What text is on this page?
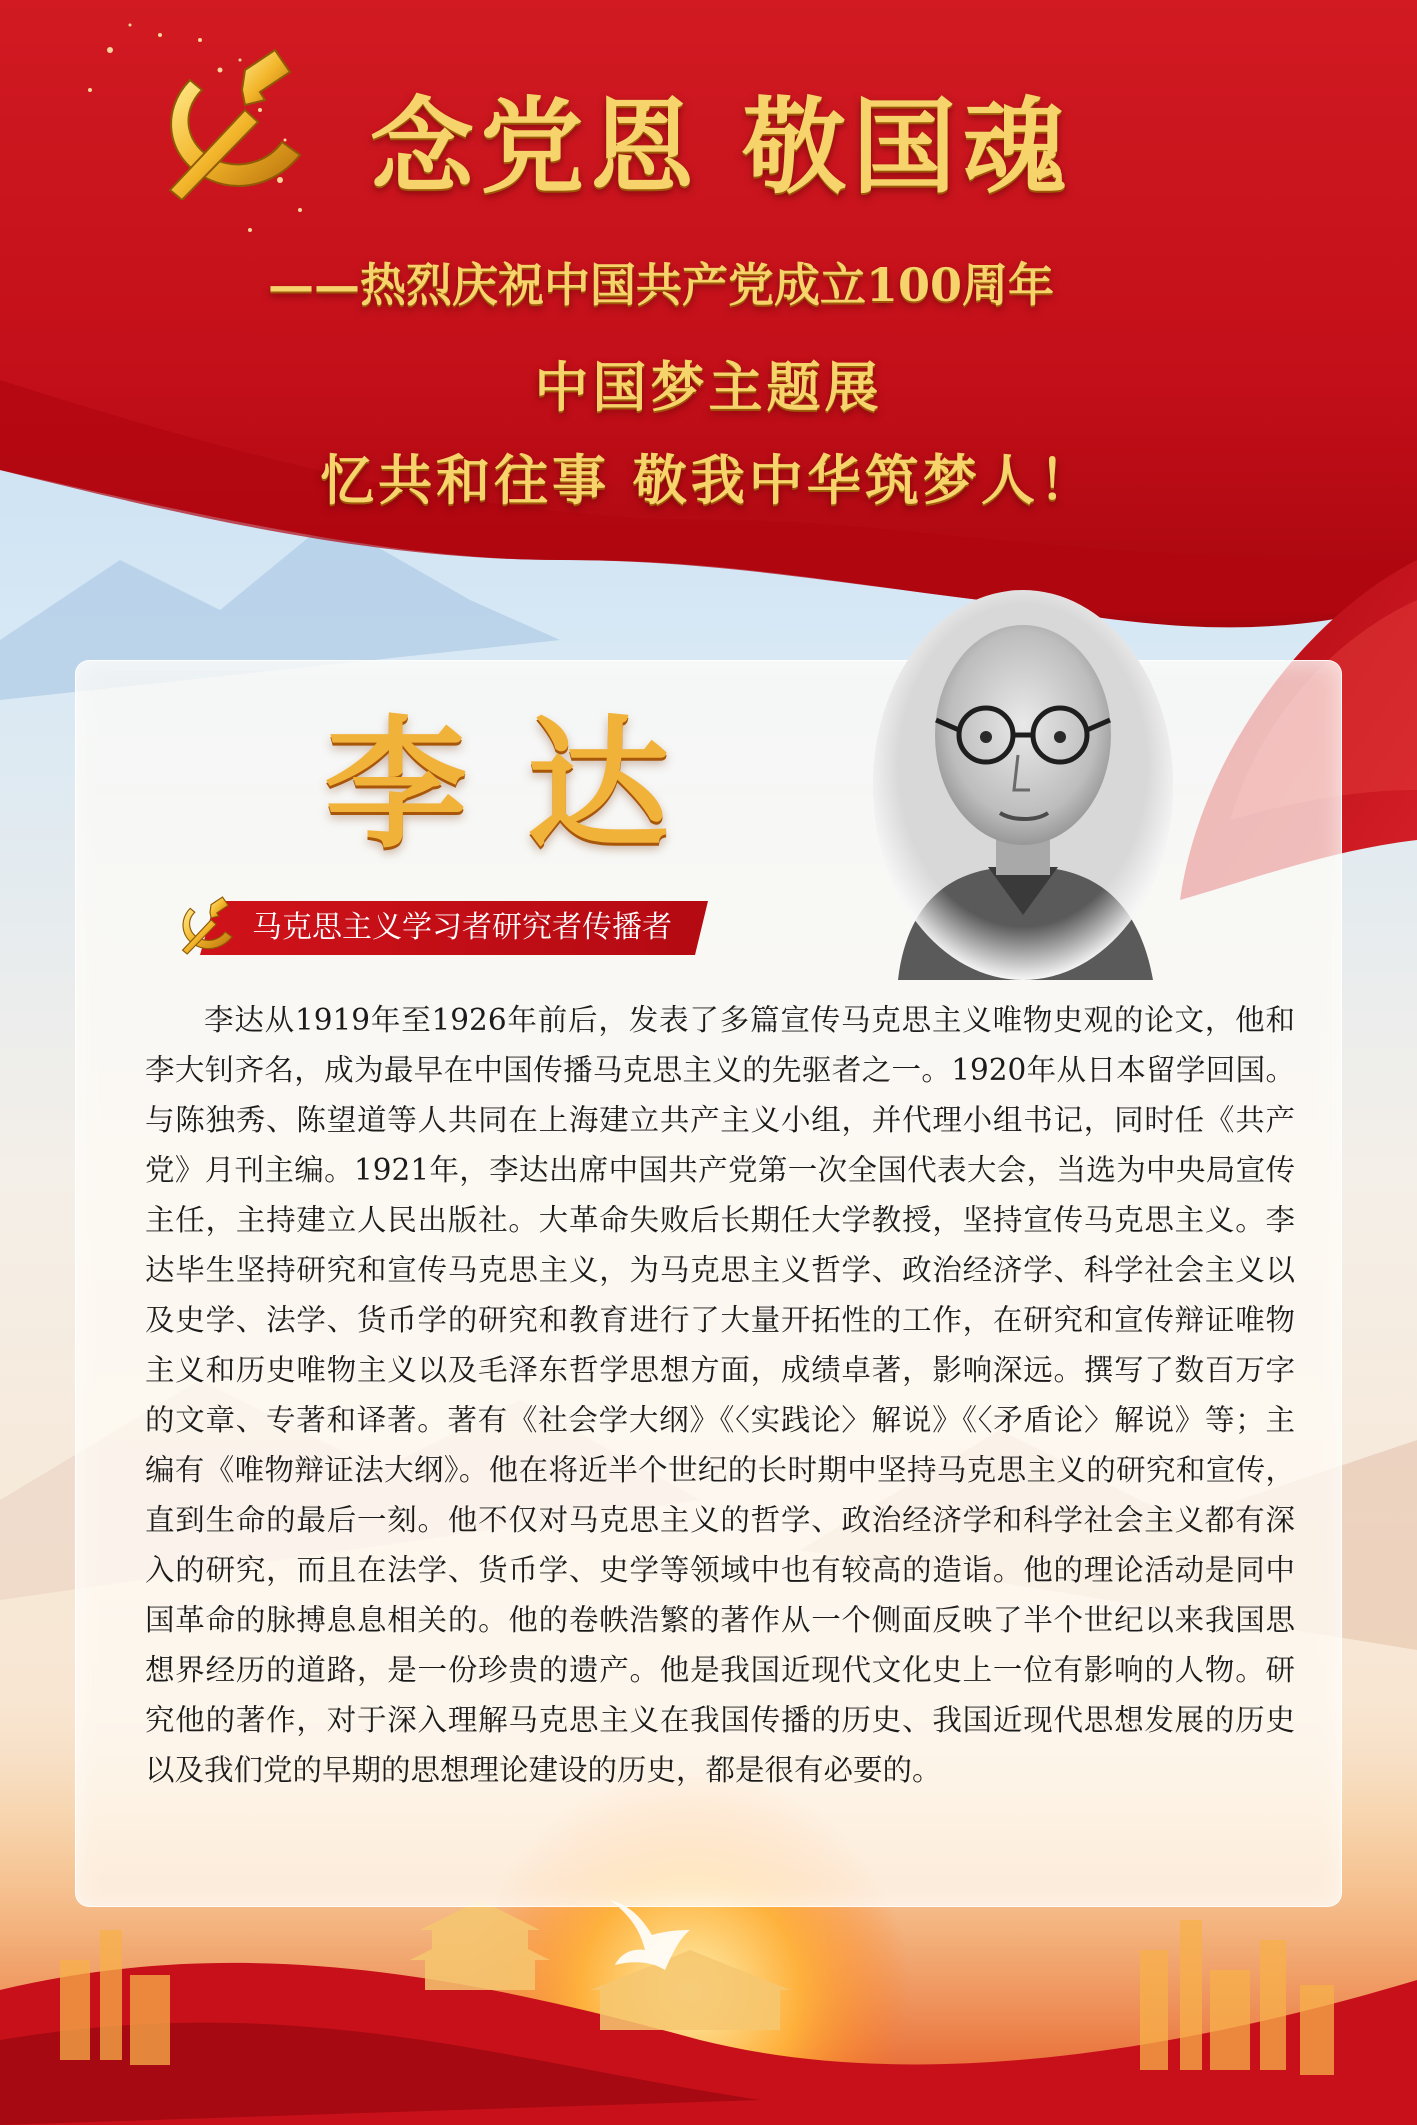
念党恩 敬国魂
——热烈庆祝中国共产党成立100周年
中国梦主题展
忆共和往事 敬我中华筑梦人！
李达
马克思主义学习者研究者传播者

李达从1919年至1926年前后，发表了多篇宣传马克思主义唯物史观的论文，他和李大钊齐名，成为最早在中国传播马克思主义的先驱者之一。1920年从日本留学回国。与陈独秀、陈望道等人共同在上海建立共产主义小组，并代理小组书记，同时任《共产党》月刊主编。1921年，李达出席中国共产党第一次全国代表大会，当选为中央局宣传主任，主持建立人民出版社。大革命失败后长期任大学教授，坚持宣传马克思主义。李达毕生坚持研究和宣传马克思主义，为马克思主义哲学、政治经济学、科学社会主义以及史学、法学、货币学的研究和教育进行了大量开拓性的工作，在研究和宣传辩证唯物主义和历史唯物主义以及毛泽东哲学思想方面，成绩卓著，影响深远。撰写了数百万字的文章、专著和译著。著有《社会学大纲》《〈实践论〉解说》《〈矛盾论〉解说》等；主编有《唯物辩证法大纲》。他在将近半个世纪的长时期中坚持马克思主义的研究和宣传，直到生命的最后一刻。他不仅对马克思主义的哲学、政治经济学和科学社会主义都有深入的研究，而且在法学、货币学、史学等领域中也有较高的造诣。他的理论活动是同中国革命的脉搏息息相关的。他的卷帙浩繁的著作从一个侧面反映了半个世纪以来我国思想界经历的道路，是一份珍贵的遗产。他是我国近现代文化史上一位有影响的人物。研究他的著作，对于深入理解马克思主义在我国传播的历史、我国近现代思想发展的历史以及我们党的早期的思想理论建设的历史，都是很有必要的。
